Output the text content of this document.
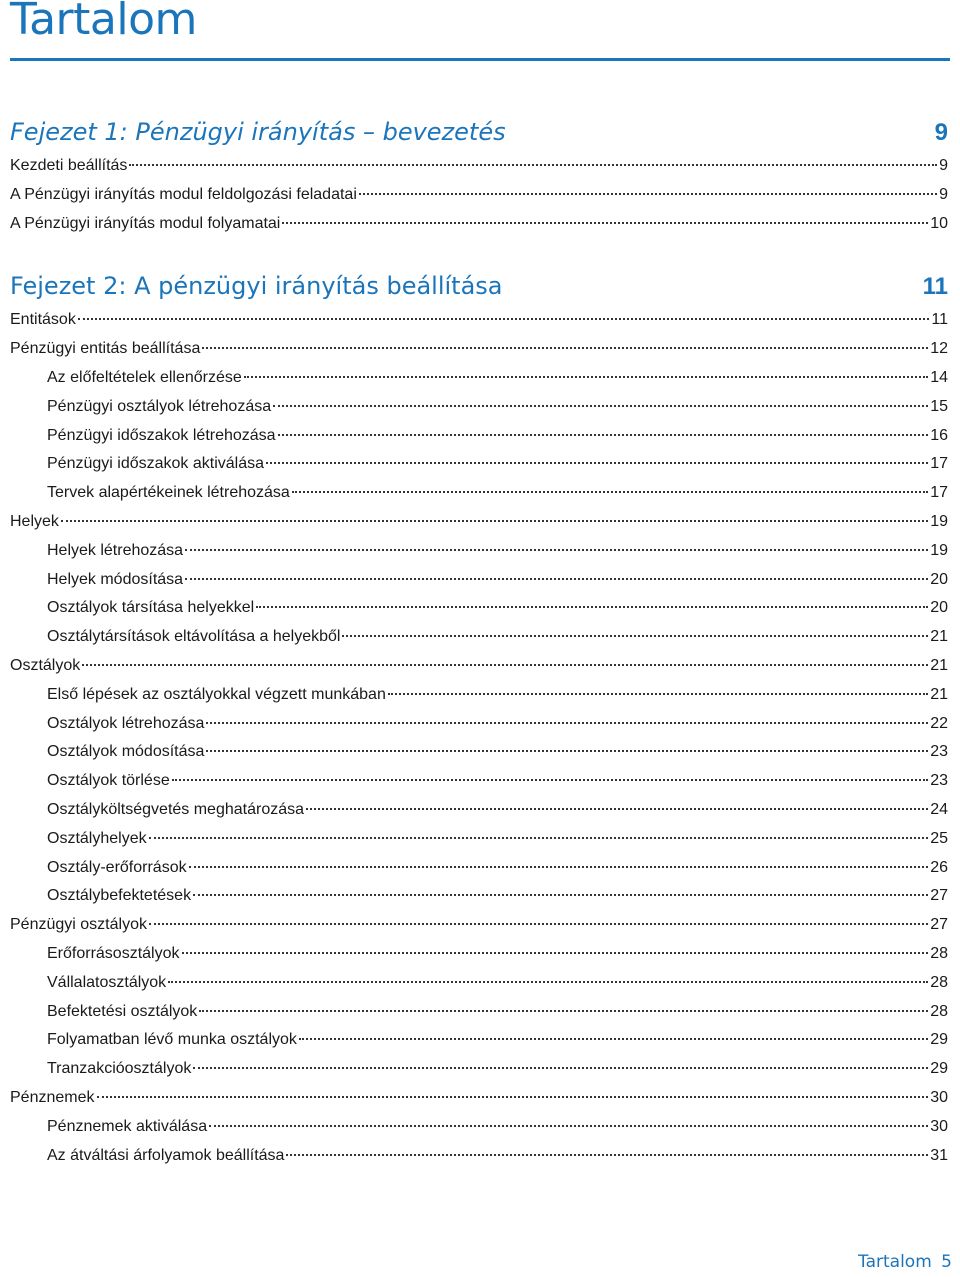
Tartalom
Fejezet 1: Pénzügyi irányítás – bevezetés	9
Kezdeti beállítás	9
A Pénzügyi irányítás modul feldolgozási feladatai	9
A Pénzügyi irányítás modul folyamatai	10
Fejezet 2: A pénzügyi irányítás beállítása	11
Entitások	11
Pénzügyi entitás beállítása	12
Az előfeltételek ellenőrzése	14
Pénzügyi osztályok létrehozása	15
Pénzügyi időszakok létrehozása	16
Pénzügyi időszakok aktiválása	17
Tervek alapértékeinek létrehozása	17
Helyek	19
Helyek létrehozása	19
Helyek módosítása	20
Osztályok társítása helyekkel	20
Osztálytársítások eltávolítása a helyekből	21
Osztályok	21
Első lépések az osztályokkal végzett munkában	21
Osztályok létrehozása	22
Osztályok módosítása	23
Osztályok törlése	23
Osztályköltségvetés meghatározása	24
Osztályhelyek	25
Osztály-erőforrások	26
Osztálybefektetések	27
Pénzügyi osztályok	27
Erőforrásosztályok	28
Vállalatosztályok	28
Befektetési osztályok	28
Folyamatban lévő munka osztályok	29
Tranzakcióosztályok	29
Pénznemek	30
Pénznemek aktiválása	30
Az átváltási árfolyamok beállítása	31
Tartalom 5
